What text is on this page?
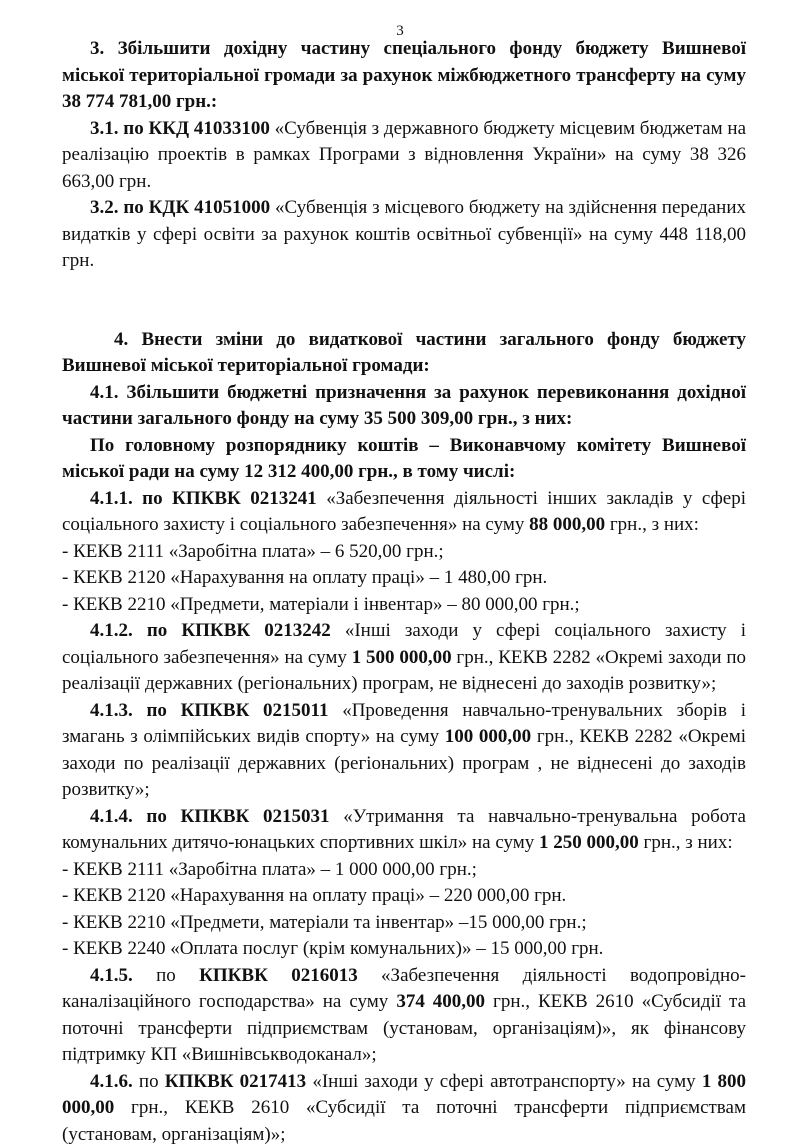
3

3. Збільшити дохідну частину спеціального фонду бюджету Вишневої міської територіальної громади за рахунок міжбюджетного трансферту на суму 38 774 781,00 грн.:

3.1. по ККД 41033100 «Субвенція з державного бюджету місцевим бюджетам на реалізацію проектів в рамках Програми з відновлення України» на суму 38 326 663,00 грн.

3.2. по КДК 41051000 «Субвенція з місцевого бюджету на здійснення переданих видатків у сфері освіти за рахунок коштів освітньої субвенції» на суму 448 118,00 грн.

4. Внести зміни до видаткової частини загального фонду бюджету Вишневої міської територіальної громади:

4.1. Збільшити бюджетні призначення за рахунок перевиконання дохідної частини загального фонду на суму 35 500 309,00 грн., з них:

По головному розпоряднику коштів – Виконавчому комітету Вишневої міської ради на суму 12 312 400,00 грн., в тому числі:

4.1.1. по КПКВК 0213241 «Забезпечення діяльності інших закладів у сфері соціального захисту і соціального забезпечення» на суму 88 000,00 грн., з них:

- КЕКВ 2111 «Заробітна плата» – 6 520,00 грн.;

- КЕКВ 2120 «Нарахування на оплату праці» – 1 480,00 грн.

- КЕКВ 2210 «Предмети, матеріали і інвентар» – 80 000,00 грн.;

4.1.2. по КПКВК 0213242 «Інші заходи у сфері соціального захисту і соціального забезпечення» на суму 1 500 000,00 грн., КЕКВ 2282 «Окремі заходи по реалізації державних (регіональних) програм, не віднесені до заходів розвитку»;

4.1.3. по КПКВК 0215011 «Проведення навчально-тренувальних зборів і змагань з олімпійських видів спорту» на суму 100 000,00 грн., КЕКВ 2282 «Окремі заходи по реалізації державних (регіональних) програм , не віднесені до заходів розвитку»;

4.1.4. по КПКВК 0215031 «Утримання та навчально-тренувальна робота комунальних дитячо-юнацьких спортивних шкіл» на суму 1 250 000,00 грн., з них:

- КЕКВ 2111 «Заробітна плата» – 1 000 000,00 грн.;

- КЕКВ 2120 «Нарахування на оплату праці» – 220 000,00 грн.

- КЕКВ 2210 «Предмети, матеріали та інвентар» –15 000,00 грн.;

- КЕКВ 2240 «Оплата послуг (крім комунальних)» – 15 000,00 грн.

4.1.5. по КПКВК 0216013 «Забезпечення діяльності водопровідно-каналізаційного господарства» на суму 374 400,00 грн., КЕКВ 2610 «Субсидії та поточні трансферти підприємствам (установам, організаціям)», як фінансову підтримку КП «Вишнівськводоканал»;

4.1.6. по КПКВК 0217413 «Інші заходи у сфері автотранспорту» на суму 1 800 000,00 грн., КЕКВ 2610 «Субсидії та поточні трансферти підприємствам (установам, організаціям)»;
